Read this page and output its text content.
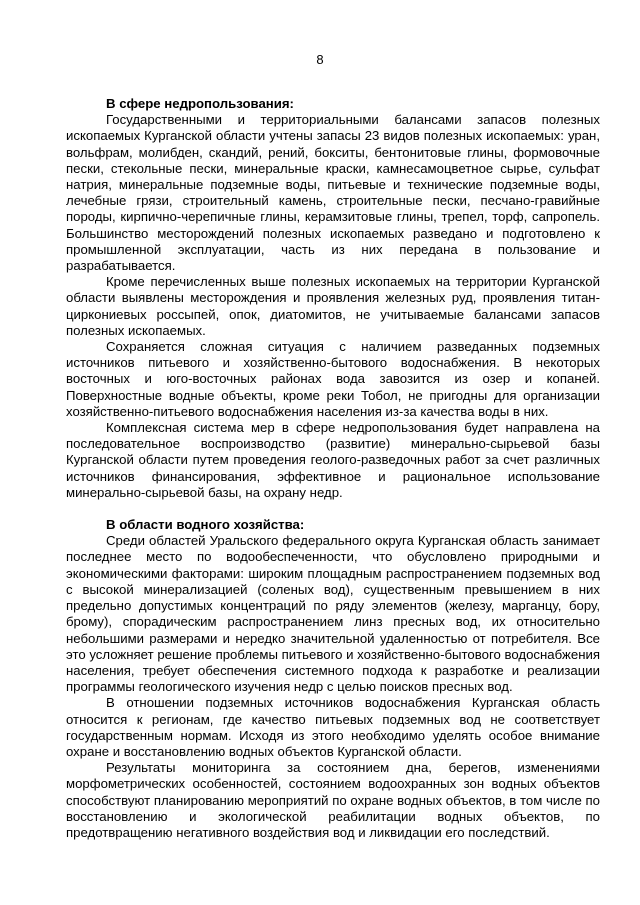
8

В сфере недропользования:

Государственными и территориальными балансами запасов полезных ископаемых Курганской области учтены запасы 23 видов полезных ископаемых: уран, вольфрам, молибден, скандий, рений, бокситы, бентонитовые глины, формовочные пески, стекольные пески, минеральные краски, камнесамоцветное сырье, сульфат натрия, минеральные подземные воды, питьевые и технические подземные воды, лечебные грязи, строительный камень, строительные пески, песчано-гравийные породы, кирпично-черепичные глины, керамзитовые глины, трепел, торф, сапропель. Большинство месторождений полезных ископаемых разведано и подготовлено к промышленной эксплуатации, часть из них передана в пользование и разрабатывается.

Кроме перечисленных выше полезных ископаемых на территории Курганской области выявлены месторождения и проявления железных руд, проявления титан-циркониевых россыпей, опок, диатомитов, не учитываемые балансами запасов полезных ископаемых.

Сохраняется сложная ситуация с наличием разведанных подземных источников питьевого и хозяйственно-бытового водоснабжения. В некоторых восточных и юго-восточных районах вода завозится из озер и копаней. Поверхностные водные объекты, кроме реки Тобол, не пригодны для организации хозяйственно-питьевого водоснабжения населения из-за качества воды в них.

Комплексная система мер в сфере недропользования будет направлена на последовательное воспроизводство (развитие) минерально-сырьевой базы Курганской области путем проведения геолого-разведочных работ за счет различных источников финансирования, эффективное и рациональное использование минерально-сырьевой базы, на охрану недр.

В области водного хозяйства:

Среди областей Уральского федерального округа Курганская область занимает последнее место по водообеспеченности, что обусловлено природными и экономическими факторами: широким площадным распространением подземных вод с высокой минерализацией (соленых вод), существенным превышением в них предельно допустимых концентраций по ряду элементов (железу, марганцу, бору, брому), спорадическим распространением линз пресных вод, их относительно небольшими размерами и нередко значительной удаленностью от потребителя. Все это усложняет решение проблемы питьевого и хозяйственно-бытового водоснабжения населения, требует обеспечения системного подхода к разработке и реализации программы геологического изучения недр с целью поисков пресных вод.

В отношении подземных источников водоснабжения Курганская область относится к регионам, где качество питьевых подземных вод не соответствует государственным нормам. Исходя из этого необходимо уделять особое внимание охране и восстановлению водных объектов Курганской области.

Результаты мониторинга за состоянием дна, берегов, изменениями морфометрических особенностей, состоянием водоохранных зон водных объектов способствуют планированию мероприятий по охране водных объектов, в том числе по восстановлению и экологической реабилитации водных объектов, по предотвращению негативного воздействия вод и ликвидации его последствий.
